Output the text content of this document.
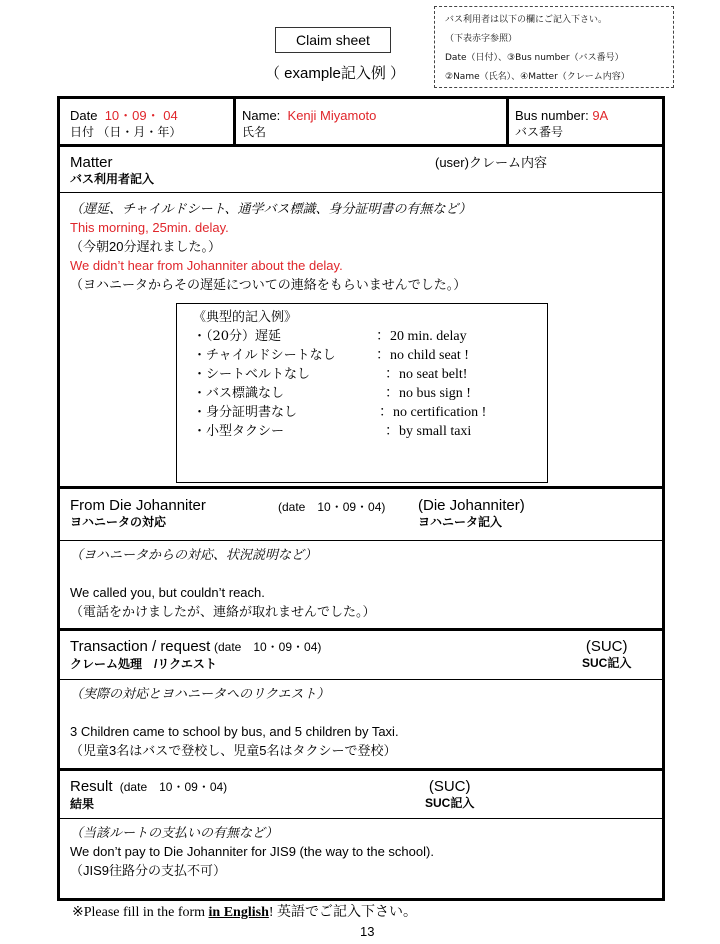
バス利用者は以下の欄にご記入下さい。
（下表赤字参照）
Date（日付）、③Bus number（バス番号）
②Name（氏名）、④Matter（クレーム内容）
Claim sheet
（ example記入例 ）
Date 10・09・ 04
日付 （日・月・年）
Name: Kenji Miyamoto
氏名
Bus number: 9A
バス番号
Matter
バス利用者記入
(user)クレーム内容
（遅延、チャイルドシート、通学バス標識、身分証明書の有無など）
This morning, 25min. delay.
（今朝20分遅れました。）
We didn’t hear from Johanniter about the delay.
（ヨハニータからその遅延についての連絡をもらいませんでした。）
《典型的記入例》
・（20分）遅延	：20 min. delay
・チャイルドシートなし	：no child seat !
・シートベルトなし	：no seat belt!
・バス標識なし	：no bus sign !
・身分証明書なし	：no certification !
・小型タクシー	：by small taxi
From Die Johanniter
ヨハニータの対応
(date　10・09・04) (Die Johanniter)
ヨハニータ記入
（ヨハニータからの対応、状況説明など）
We called you, but couldn’t reach.
（電話をかけましたが、連絡が取れませんでした。）
Transaction / request (date　10・09・04)
クレーム処理　/リクエスト
(SUC)
SUC記入
（実際の対応とヨハニータへのリクエスト）
3 Children came to school by bus, and 5 children by Taxi.
（児童3名はバスで登校し、児童5名はタクシーで登校）
Result (date　10・09・04)
結果
(SUC)
SUC記入
（当該ルートの支払いの有無など）
We don’t pay to Die Johanniter for JIS9 (the way to the school).
（JIS9往路分の支払不可）
※Please fill in the form in English! 英語でご記入下さい。
13
